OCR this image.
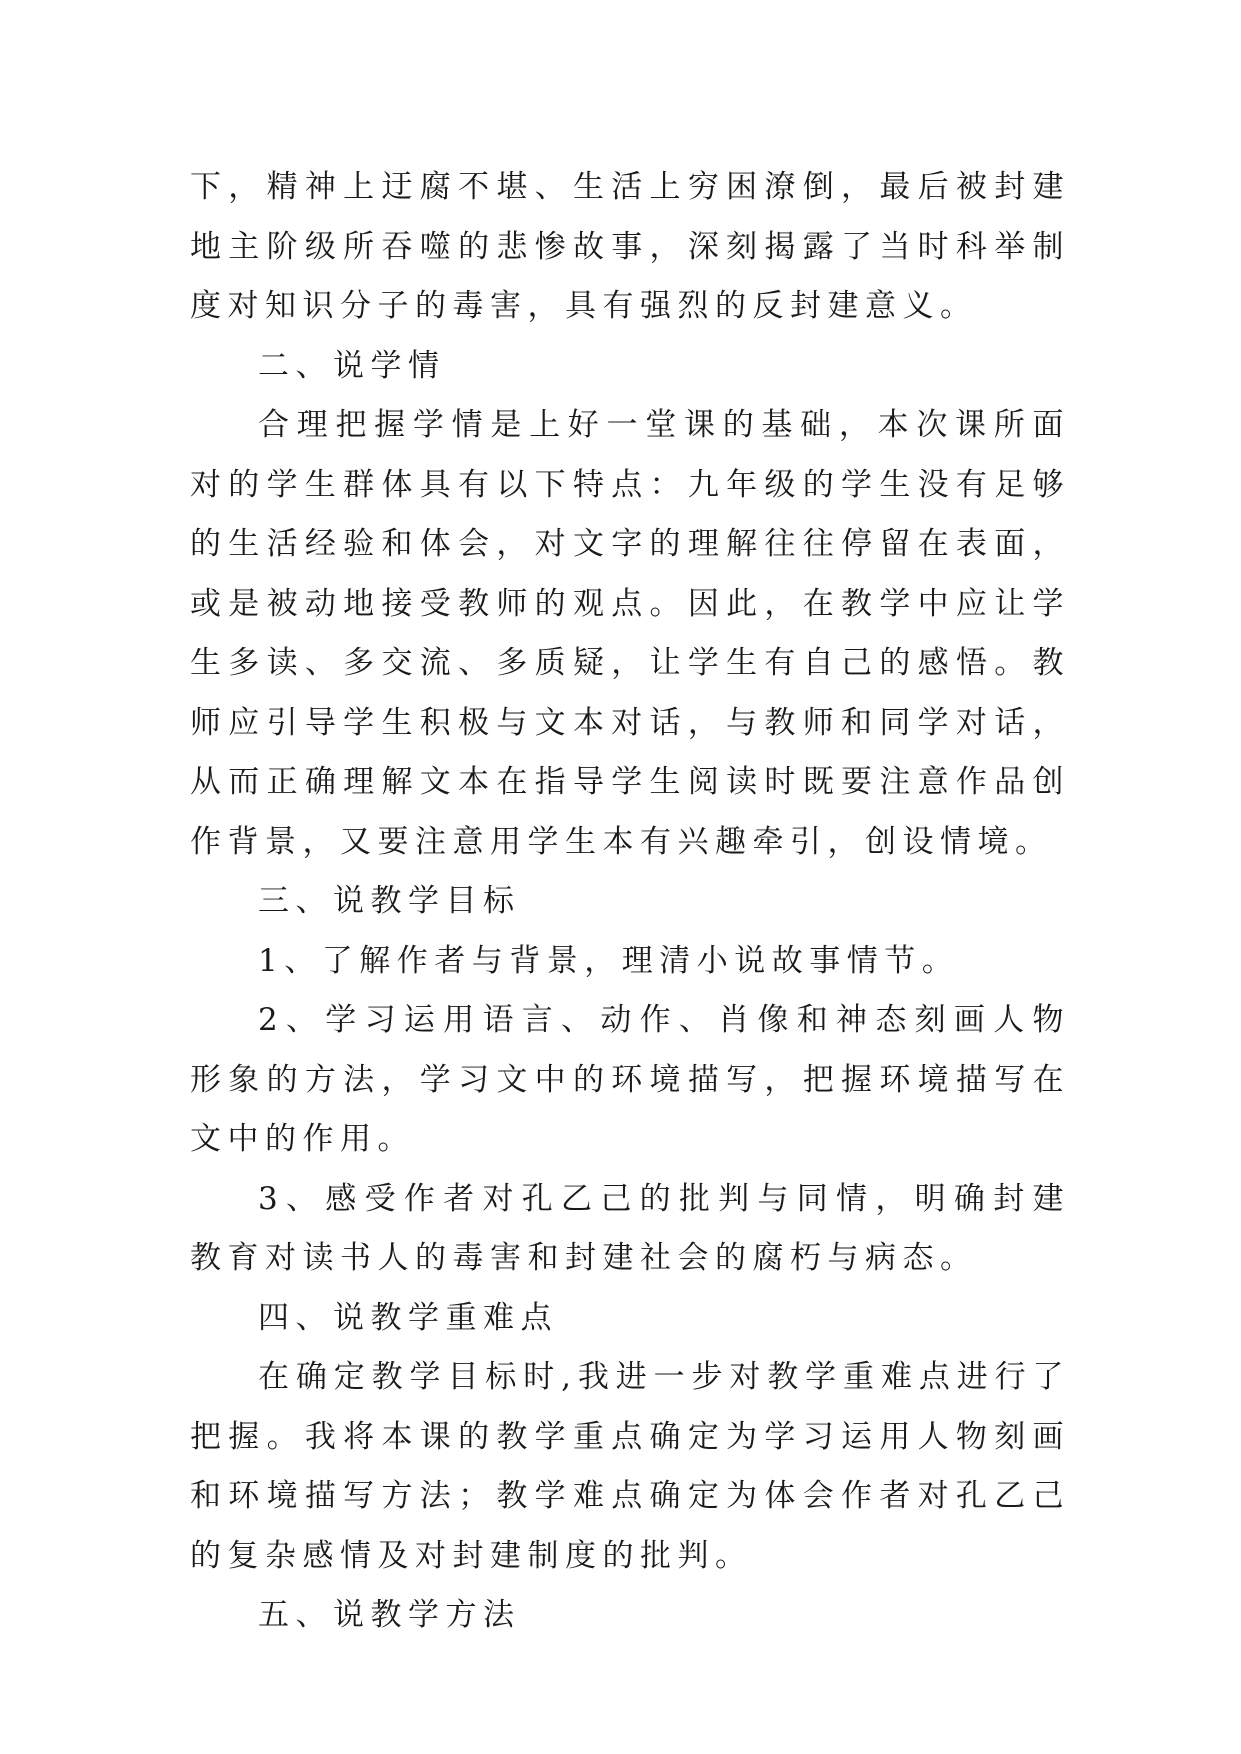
下，精神上迂腐不堪、生活上穷困潦倒，最后被封建地主阶级所吞噬的悲惨故事，深刻揭露了当时科举制度对知识分子的毒害，具有强烈的反封建意义。

二、说学情

合理把握学情是上好一堂课的基础，本次课所面对的学生群体具有以下特点：九年级的学生没有足够的生活经验和体会，对文字的理解往往停留在表面，或是被动地接受教师的观点。因此，在教学中应让学生多读、多交流、多质疑，让学生有自己的感悟。教师应引导学生积极与文本对话，与教师和同学对话，从而正确理解文本在指导学生阅读时既要注意作品创作背景，又要注意用学生本有兴趣牵引，创设情境。

三、说教学目标

1、了解作者与背景，理清小说故事情节。

2、学习运用语言、动作、肖像和神态刻画人物形象的方法，学习文中的环境描写，把握环境描写在文中的作用。

3、感受作者对孔乙己的批判与同情，明确封建教育对读书人的毒害和封建社会的腐朽与病态。

四、说教学重难点

在确定教学目标时,我进一步对教学重难点进行了把握。我将本课的教学重点确定为学习运用人物刻画和环境描写方法；教学难点确定为体会作者对孔乙己的复杂感情及对封建制度的批判。

五、说教学方法
